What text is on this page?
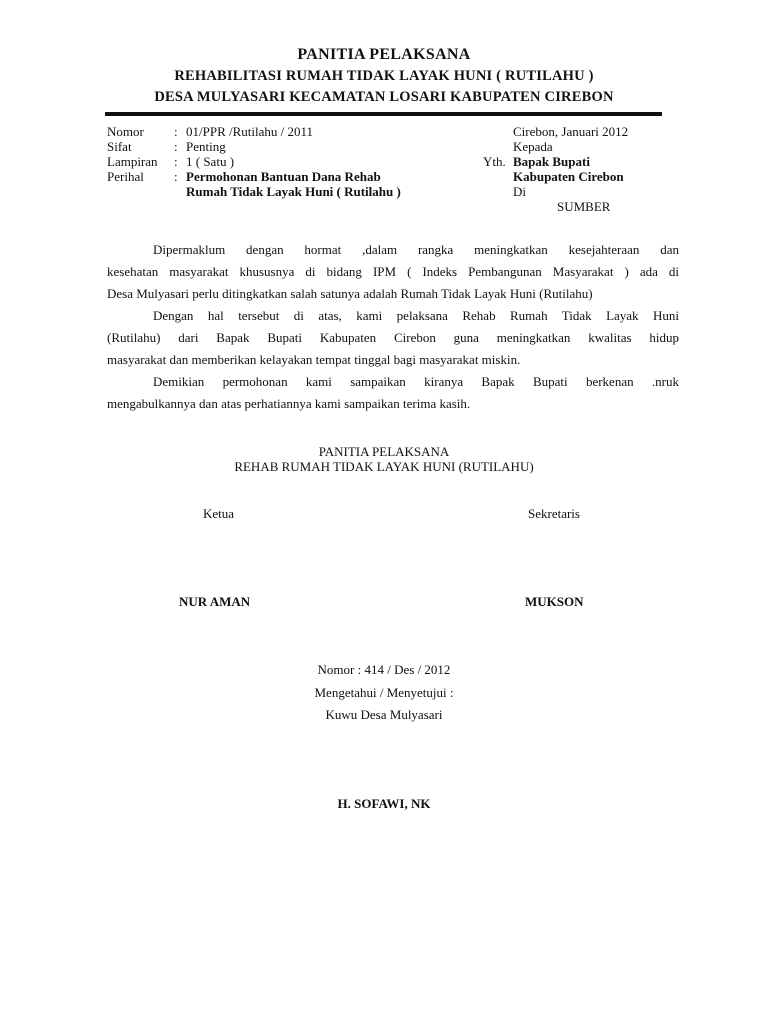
PANITIA PELAKSANA
REHABILITASI RUMAH TIDAK LAYAK HUNI ( RUTILAHU )
DESA MULYASARI KECAMATAN LOSARI KABUPATEN CIREBON
Nomor	: 01/PPR /Rutilahu / 2011
Sifat	: Penting
Lampiran	: 1 ( Satu )
Perihal	: Permohonan Bantuan Dana Rehab
Rumah Tidak Layak Huni ( Rutilahu )
Cirebon, Januari 2012
Kepada
Yth. Bapak Bupati
Kabupaten Cirebon
Di
SUMBER

Dipermaklum dengan hormat ,dalam rangka meningkatkan kesejahteraan dan

kesehatan masyarakat khususnya di bidang IPM ( Indeks Pembangunan Masyarakat ) ada di

Desa Mulyasari perlu ditingkatkan salah satunya adalah Rumah Tidak Layak Huni (Rutilahu)

Dengan hal tersebut di atas, kami pelaksana Rehab Rumah Tidak Layak Huni

(Rutilahu) dari Bapak Bupati Kabupaten Cirebon guna meningkatkan kwalitas hidup

masyarakat dan memberikan kelayakan tempat tinggal bagi masyarakat miskin.

Demikian permohonan kami sampaikan kiranya Bapak Bupati berkenan .nruk

mengabulkannya dan atas perhatiannya kami sampaikan terima kasih.

PANITIA PELAKSANA
REHAB RUMAH TIDAK LAYAK HUNI (RUTILAHU)
Ketua	Sekretaris
NUR AMAN	MUKSON
Nomor : 414 / Des / 2012
Mengetahui / Menyetujui :
Kuwu Desa Mulyasari
H. SOFAWI, NK
